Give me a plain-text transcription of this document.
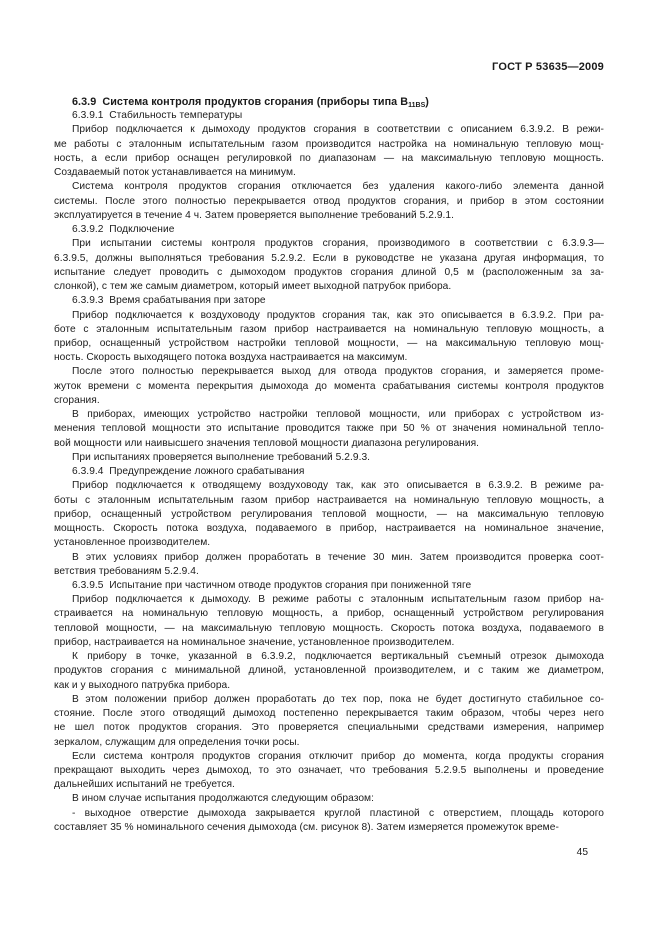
ГОСТ Р 53635—2009

6.3.9  Система контроля продуктов сгорания (приборы типа $B_{11BS}$)

6.3.9.1  Стабильность температуры

Прибор подключается к дымоходу продуктов сгорания в соответствии с описанием 6.3.9.2. В режи-
ме работы с эталонным испытательным газом производится настройка на номинальную тепловую мощ-
ность, а если прибор оснащен регулировкой по диапазонам — на максимальную тепловую мощность.
Создаваемый поток устанавливается на минимум.

Система контроля продуктов сгорания отключается без удаления какого-либо элемента данной
системы. После этого полностью перекрывается отвод продуктов сгорания, и прибор в этом состоянии
эксплуатируется в течение 4 ч. Затем проверяется выполнение требований 5.2.9.1.

6.3.9.2  Подключение

При испытании системы контроля продуктов сгорания, производимого в соответствии с 6.3.9.3—
6.3.9.5, должны выполняться требования 5.2.9.2. Если в руководстве не указана другая информация, то
испытание следует проводить с дымоходом продуктов сгорания длиной 0,5 м (расположенным за за-
слонкой), с тем же самым диаметром, который имеет выходной патрубок прибора.

6.3.9.3  Время срабатывания при заторе

Прибор подключается к воздуховоду продуктов сгорания так, как это описывается в 6.3.9.2. При ра-
боте с эталонным испытательным газом прибор настраивается на номинальную тепловую мощность, а
прибор, оснащенный устройством настройки тепловой мощности, — на максимальную тепловую мощ-
ность. Скорость выходящего потока воздуха настраивается на максимум.

После этого полностью перекрывается выход для отвода продуктов сгорания, и замеряется проме-
жуток времени с момента перекрытия дымохода до момента срабатывания системы контроля продуктов
сгорания.

В приборах, имеющих устройство настройки тепловой мощности, или приборах с устройством из-
менения тепловой мощности это испытание проводится также при 50 % от значения номинальной тепло-
вой мощности или наивысшего значения тепловой мощности диапазона регулирования.

При испытаниях проверяется выполнение требований 5.2.9.3.

6.3.9.4  Предупреждение ложного срабатывания

Прибор подключается к отводящему воздуховоду так, как это описывается в 6.3.9.2. В режиме ра-
боты с эталонным испытательным газом прибор настраивается на номинальную тепловую мощность, а
прибор, оснащенный устройством регулирования тепловой мощности, — на максимальную тепловую
мощность. Скорость потока воздуха, подаваемого в прибор, настраивается на номинальное значение,
установленное производителем.

В этих условиях прибор должен проработать в течение 30 мин. Затем производится проверка соот-
ветствия требованиям 5.2.9.4.

6.3.9.5  Испытание при частичном отводе продуктов сгорания при пониженной тяге

Прибор подключается к дымоходу. В режиме работы с эталонным испытательным газом прибор на-
страивается на номинальную тепловую мощность, а прибор, оснащенный устройством регулирования
тепловой мощности, — на максимальную тепловую мощность. Скорость потока воздуха, подаваемого в
прибор, настраивается на номинальное значение, установленное производителем.

К прибору в точке, указанной в 6.3.9.2, подключается вертикальный съемный отрезок дымохода
продуктов сгорания с минимальной длиной, установленной производителем, и с таким же диаметром,
как и у выходного патрубка прибора.

В этом положении прибор должен проработать до тех пор, пока не будет достигнуто стабильное со-
стояние. После этого отводящий дымоход постепенно перекрывается таким образом, чтобы через него
не шел поток продуктов сгорания. Это проверяется специальными средствами измерения, например
зеркалом, служащим для определения точки росы.

Если система контроля продуктов сгорания отключит прибор до момента, когда продукты сгорания
прекращают выходить через дымоход, то это означает, что требования 5.2.9.5 выполнены и проведение
дальнейших испытаний не требуется.

В ином случае испытания продолжаются следующим образом:

- выходное отверстие дымохода закрывается круглой пластиной с отверстием, площадь которого
составляет 35 % номинального сечения дымохода (см. рисунок 8). Затем измеряется промежуток време-

45
